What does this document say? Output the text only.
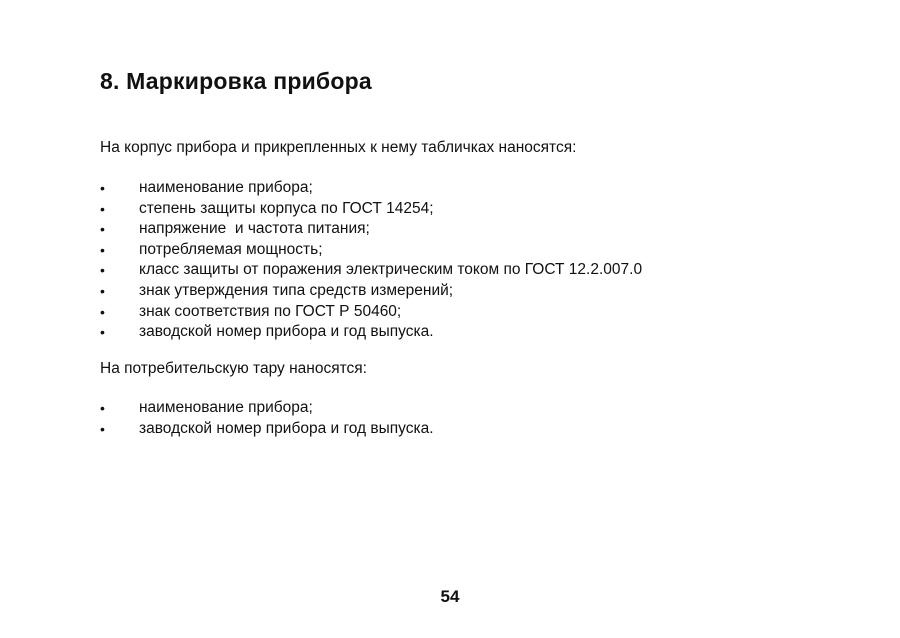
8. Маркировка прибора

На корпус прибора и прикрепленных к нему табличках наносятся:

•	наименование прибора;
•	степень защиты корпуса по ГОСТ 14254;
•	напряжение  и частота питания;
•	потребляемая мощность;
•	класс защиты от поражения электрическим током по ГОСТ 12.2.007.0
•	знак утверждения типа средств измерений;
•	знак соответствия по ГОСТ Р 50460;
•	заводской номер прибора и год выпуска.

На потребительскую тару наносятся:

•	наименование прибора;
•	заводской номер прибора и год выпуска.

54
